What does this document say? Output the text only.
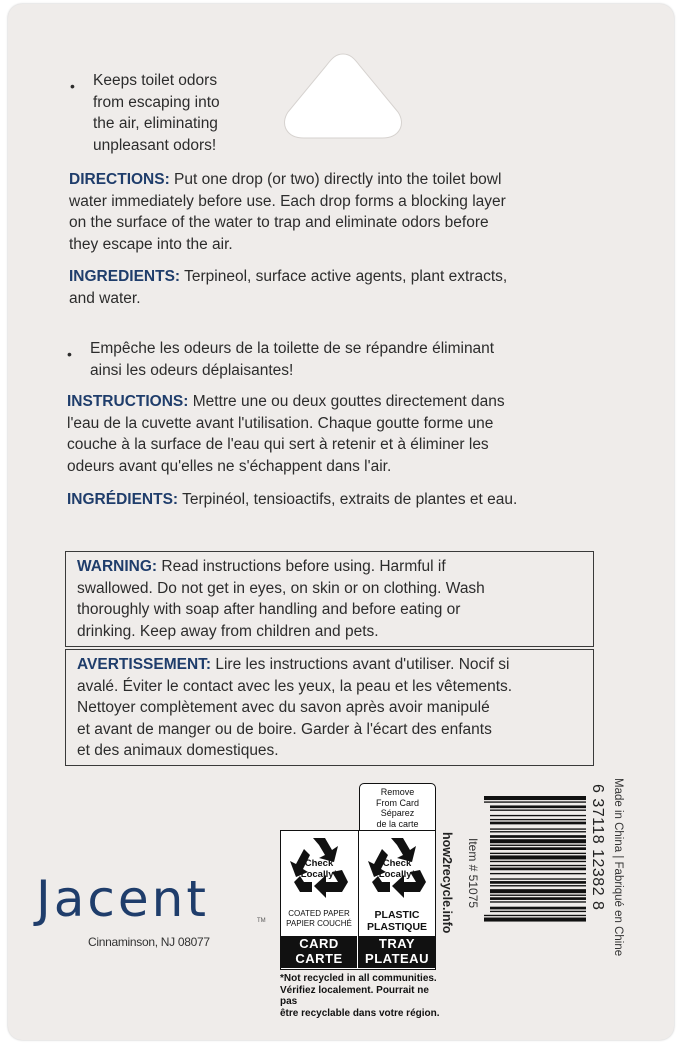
• Keeps toilet odors
from escaping into
the air, eliminating
unpleasant odors!
DIRECTIONS: Put one drop (or two) directly into the toilet bowl
water immediately before use. Each drop forms a blocking layer
on the surface of the water to trap and eliminate odors before
they escape into the air.
INGREDIENTS: Terpineol, surface active agents, plant extracts,
and water.
• Empêche les odeurs de la toilette de se répandre éliminant
ainsi les odeurs déplaisantes!
INSTRUCTIONS: Mettre une ou deux gouttes directement dans
l'eau de la cuvette avant l'utilisation. Chaque goutte forme une
couche à la surface de l'eau qui sert à retenir et à éliminer les
odeurs avant qu'elles ne s'échappent dans l'air.
INGRÉDIENTS: Terpinéol, tensioactifs, extraits de plantes et eau.
WARNING: Read instructions before using. Harmful if
swallowed. Do not get in eyes, on skin or on clothing. Wash
thoroughly with soap after handling and before eating or
drinking. Keep away from children and pets.
AVERTISSEMENT: Lire les instructions avant d'utiliser. Nocif si
avalé. Éviter le contact avec les yeux, la peau et les vêtements.
Nettoyer complètement avec du savon après avoir manipulé
et avant de manger ou de boire. Garder à l'écart des enfants
et des animaux domestiques.
Jacent	TM
Cinnaminson, NJ 08077
Remove
From Card
Séparez
de la carte
Check
Locally*
COATED PAPER
PAPIER COUCHÉ
CARD
CARTE
Check
Locally*
PLASTIC
PLASTIQUE
TRAY
PLATEAU
*Not recycled in all communities.
Vérifiez localement. Pourrait ne pas
être recyclable dans votre région.
how2recycle.info Item # 51075	6 37118 12382 8 Made in China | Fabriqué en Chine
